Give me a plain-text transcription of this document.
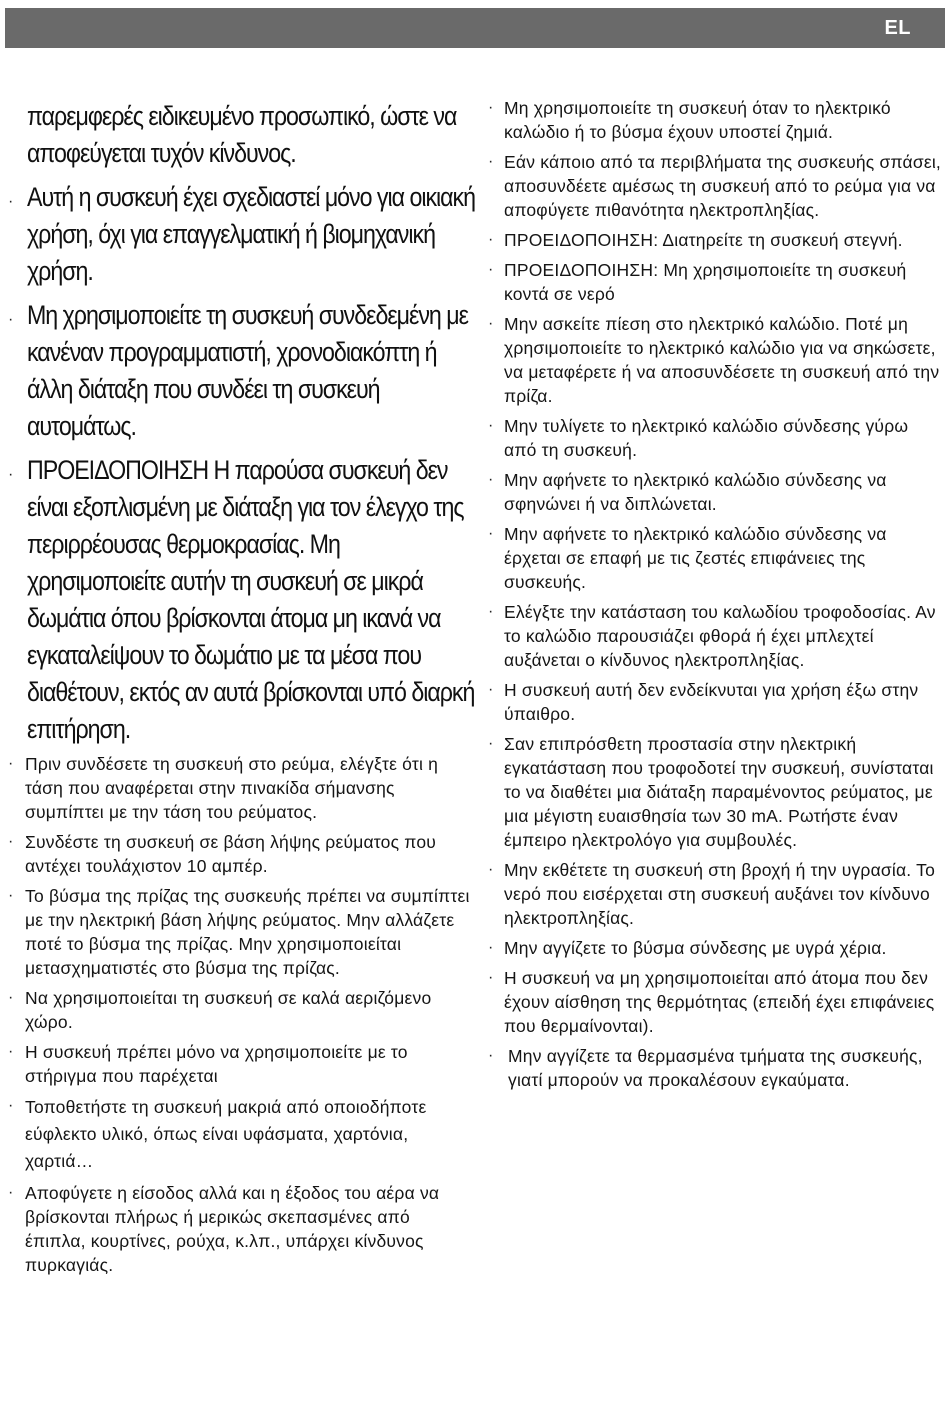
EL
παρεμφερές ειδικευμένο προσωπικό, ώστε να αποφεύγεται τυχόν κίνδυνος.
· Αυτή η συσκευή έχει σχεδιαστεί μόνο για οικιακή χρήση, όχι για επαγγελματική ή βιομηχανική χρήση.
· Μη χρησιμοποιείτε τη συσκευή συνδεδεμένη με κανέναν προγραμματιστή, χρονοδιακόπτη ή άλλη διάταξη που συνδέει τη συσκευή αυτομάτως.
· ΠΡΟΕΙΔΟΠΟΙΗΣΗ Η παρούσα συσκευή δεν είναι εξοπλισμένη με διάταξη για τον έλεγχο της περιρρέουσας θερμοκρασίας. Μη χρησιμοποιείτε αυτήν τη συσκευή σε μικρά δωμάτια όπου βρίσκονται άτομα μη ικανά να εγκαταλείψουν το δωμάτιο με τα μέσα που διαθέτουν, εκτός αν αυτά βρίσκονται υπό διαρκή επιτήρηση.
· Πριν συνδέσετε τη συσκευή στο ρεύμα, ελέγξτε ότι η τάση που αναφέρεται στην πινακίδα σήμανσης συμπίπτει με την τάση του ρεύματος.
· Συνδέστε τη συσκευή σε βάση λήψης ρεύματος που αντέχει τουλάχιστον 10 αμπέρ.
· Το βύσμα της πρίζας της συσκευής πρέπει να συμπίπτει με την ηλεκτρική βάση λήψης ρεύματος. Μην αλλάζετε ποτέ το βύσμα της πρίζας. Μην χρησιμοποιείται μετασχηματιστές στο βύσμα της πρίζας.
· Να χρησιμοποιείται τη συσκευή σε καλά αεριζόμενο χώρο.
· Η συσκευή πρέπει μόνο να χρησιμοποιείτε με το στήριγμα που παρέχεται
· Τοποθετήστε τη συσκευή μακριά από οποιοδήποτε εύφλεκτο υλικό, όπως είναι υφάσματα, χαρτόνια, χαρτιά…
· Αποφύγετε η είσοδος αλλά και η έξοδος του αέρα να βρίσκονται πλήρως ή μερικώς σκεπασμένες από έπιπλα, κουρτίνες, ρούχα, κ.λπ., υπάρχει κίνδυνος πυρκαγιάς.
· Μη χρησιμοποιείτε τη συσκευή όταν το ηλεκτρικό καλώδιο ή το βύσμα έχουν υποστεί ζημιά.
· Εάν κάποιο από τα περιβλήματα της συσκευής σπάσει, αποσυνδέετε αμέσως τη συσκευή από το ρεύμα για να αποφύγετε πιθανότητα ηλεκτροπληξίας.
· ΠΡΟΕΙΔΟΠΟΙΗΣΗ: Διατηρείτε τη συσκευή στεγνή.
· ΠΡΟΕΙΔΟΠΟΙΗΣΗ: Μη χρησιμοποιείτε τη συσκευή κοντά σε νερό
· Μην ασκείτε πίεση στο ηλεκτρικό καλώδιο. Ποτέ μη χρησιμοποιείτε το ηλεκτρικό καλώδιο για να σηκώσετε, να μεταφέρετε ή να αποσυνδέσετε τη συσκευή από την πρίζα.
· Μην τυλίγετε το ηλεκτρικό καλώδιο σύνδεσης γύρω από τη συσκευή.
· Μην αφήνετε το ηλεκτρικό καλώδιο σύνδεσης να σφηνώνει ή να διπλώνεται.
· Μην αφήνετε το ηλεκτρικό καλώδιο σύνδεσης να έρχεται σε επαφή με τις ζεστές επιφάνειες της συσκευής.
· Ελέγξτε την κατάσταση του καλωδίου τροφοδοσίας. Αν το καλώδιο παρουσιάζει φθορά ή έχει μπλεχτεί αυξάνεται ο κίνδυνος ηλεκτροπληξίας.
· Η συσκευή αυτή δεν ενδείκνυται για χρήση έξω στην ύπαιθρο.
· Σαν επιπρόσθετη προστασία στην ηλεκτρική εγκατάσταση που τροφοδοτεί την συσκευή, συνίσταται το να διαθέτει μια διάταξη παραμένοντος ρεύματος, με μια μέγιστη ευαισθησία των 30 mA. Ρωτήστε έναν έμπειρο ηλεκτρολόγο για συμβουλές.
· Μην εκθέτετε τη συσκευή στη βροχή ή την υγρασία. Το νερό που εισέρχεται στη συσκευή αυξάνει τον κίνδυνο ηλεκτροπληξίας.
· Μην αγγίζετε το βύσμα σύνδεσης με υγρά χέρια.
· Η συσκευή να μη χρησιμοποιείται από άτομα που δεν έχουν αίσθηση της θερμότητας (επειδή έχει επιφάνειες που θερμαίνονται).
· Μην αγγίζετε τα θερμασμένα τμήματα της συσκευής, γιατί μπορούν να προκαλέσουν εγκαύματα.
